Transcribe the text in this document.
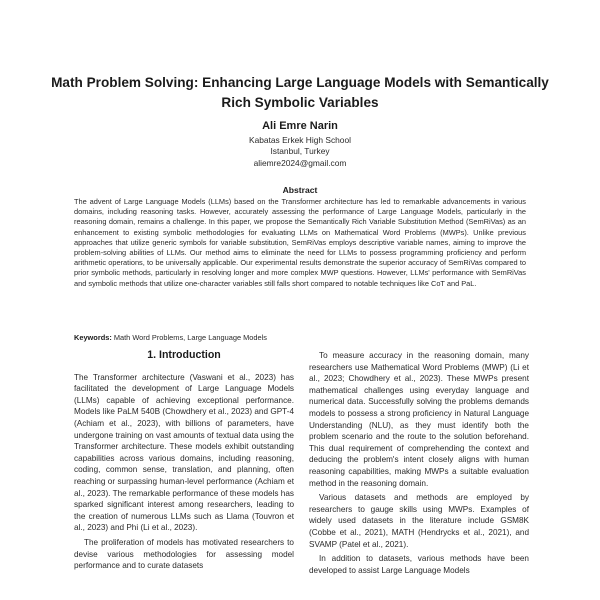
Math Problem Solving: Enhancing Large Language Models with Semantically Rich Symbolic Variables
Ali Emre Narin
Kabatas Erkek High School
Istanbul, Turkey
aliemre2024@gmail.com
Abstract

The advent of Large Language Models (LLMs) based on the Transformer architecture has led to remarkable advancements in various domains, including reasoning tasks. However, accurately assessing the performance of Large Language Models, particularly in the reasoning domain, remains a challenge. In this paper, we propose the Semantically Rich Variable Substitution Method (SemRiVas) as an enhancement to existing symbolic methodologies for evaluating LLMs on Mathematical Word Problems (MWPs). Unlike previous approaches that utilize generic symbols for variable substitution, SemRiVas employs descriptive variable names, aiming to improve the problem-solving abilities of LLMs. Our method aims to eliminate the need for LLMs to possess programming proficiency and perform arithmetic operations, to be universally applicable. Our experimental results demonstrate the superior accuracy of SemRiVas compared to prior symbolic methods, particularly in resolving longer and more complex MWP questions. However, LLMs' performance with SemRiVas and symbolic methods that utilize one-character variables still falls short compared to notable techniques like CoT and PaL.

Keywords: Math Word Problems, Large Language Models
1. Introduction

The Transformer architecture (Vaswani et al., 2023) has facilitated the development of Large Language Models (LLMs) capable of achieving exceptional performance. Models like PaLM 540B (Chowdhery et al., 2023) and GPT-4 (Achiam et al., 2023), with billions of parameters, have undergone training on vast amounts of textual data using the Transformer architecture. These models exhibit outstanding capabilities across various domains, including reasoning, coding, common sense, translation, and planning, often reaching or surpassing human-level performance (Achiam et al., 2023). The remarkable performance of these models has sparked significant interest among researchers, leading to the creation of numerous LLMs such as Llama (Touvron et al., 2023) and Phi (Li et al., 2023).

The proliferation of models has motivated researchers to devise various methodologies for assessing model performance and to curate datasets

To measure accuracy in the reasoning domain, many researchers use Mathematical Word Problems (MWP) (Li et al., 2023; Chowdhery et al., 2023). These MWPs present mathematical challenges using everyday language and numerical data. Successfully solving the problems demands models to possess a strong proficiency in Natural Language Understanding (NLU), as they must identify both the problem scenario and the route to the solution beforehand. This dual requirement of comprehending the context and deducing the problem's intent closely aligns with human reasoning capabilities, making MWPs a suitable evaluation method in the reasoning domain.

Various datasets and methods are employed by researchers to gauge skills using MWPs. Examples of widely used datasets in the literature include GSM8K (Cobbe et al., 2021), MATH (Hendrycks et al., 2021), and SVAMP (Patel et al., 2021).

In addition to datasets, various methods have been developed to assist Large Language Models
